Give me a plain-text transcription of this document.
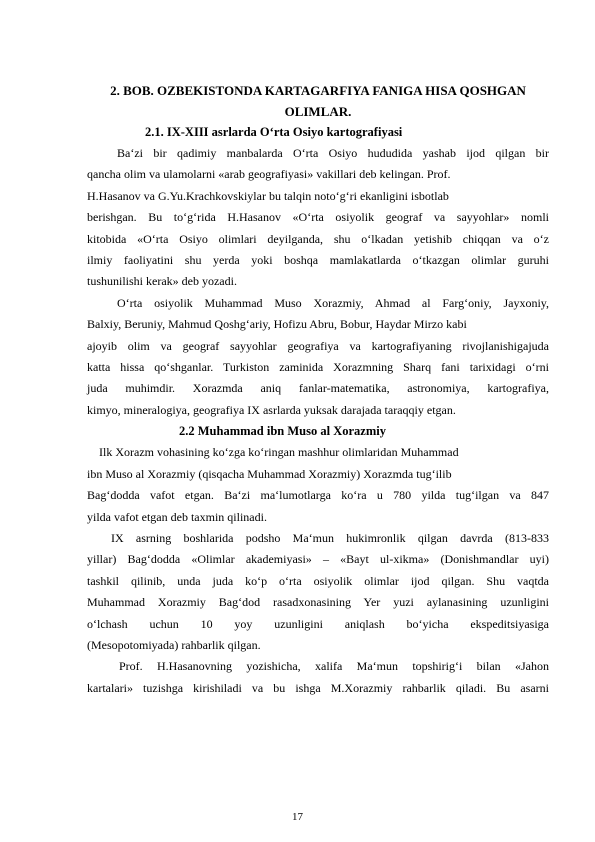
2. BOB. OZBEKISTONDA KARTAGARFIYA FANIGA HISA QOSHGAN
OLIMLAR.

2.1. IX-XIII asrlarda O‘rta Osiyo kartografiyasi

Ba‘zi bir qadimiy manbalarda O‘rta Osiyo hududida yashab ijod qilgan bir
qancha olim va ulamolarni «arab geografiyasi» vakillari deb kelingan. Prof.
H.Hasanov va G.Yu.Krachkovskiylar bu talqin noto‘g‘ri ekanligini isbotlab
berishgan. Bu to‘g‘rida H.Hasanov «O‘rta osiyolik geograf va sayyohlar» nomli
kitobida «O‘rta Osiyo olimlari deyilganda, shu o‘lkadan yetishib chiqqan va o‘z
ilmiy faoliyatini shu yerda yoki boshqa mamlakatlarda o‘tkazgan olimlar guruhi
tushunilishi kerak» deb yozadi.

O‘rta osiyolik Muhammad Muso Xorazmiy, Ahmad al Farg‘oniy, Jayxoniy,
Balxiy, Beruniy, Mahmud Qoshg‘ariy, Hofizu Abru, Bobur, Haydar Mirzo kabi
ajoyib olim va geograf sayyohlar geografiya va kartografiyaning rivojlanishigajuda
katta hissa qo‘shganlar. Turkiston zaminida Xorazmning Sharq fani tarixidagi o‘rni
juda muhimdir. Xorazmda aniq fanlar-matematika, astronomiya, kartografiya,
kimyo, mineralogiya, geografiya IX asrlarda yuksak darajada taraqqiy etgan.

2.2 Muhammad ibn Muso al Xorazmiy

Ilk Xorazm vohasining ko‘zga ko‘ringan mashhur olimlaridan Muhammad
ibn Muso al Xorazmiy (qisqacha Muhammad Xorazmiy) Xorazmda tug‘ilib
Bag‘dodda vafot etgan. Ba‘zi ma‘lumotlarga ko‘ra u 780 yilda tug‘ilgan va 847
yilda vafot etgan deb taxmin qilinadi.

IX asrning boshlarida podsho Ma‘mun hukimronlik qilgan davrda (813-833
yillar) Bag‘dodda «Olimlar akademiyasi» – «Bayt ul-xikma» (Donishmandlar uyi)
tashkil qilinib, unda juda ko‘p o‘rta osiyolik olimlar ijod qilgan. Shu vaqtda
Muhammad Xorazmiy Bag‘dod rasadxonasining Yer yuzi aylanasining uzunligini
o‘lchash uchun 10 yoy uzunligini aniqlash bo‘yicha ekspeditsiyasiga
(Mesopotomiyada) rahbarlik qilgan.

Prof. H.Hasanovning yozishicha, xalifa Ma‘mun topshirig‘i bilan «Jahon
kartalari» tuzishga kirishiladi va bu ishga M.Xorazmiy rahbarlik qiladi. Bu asarni

17
